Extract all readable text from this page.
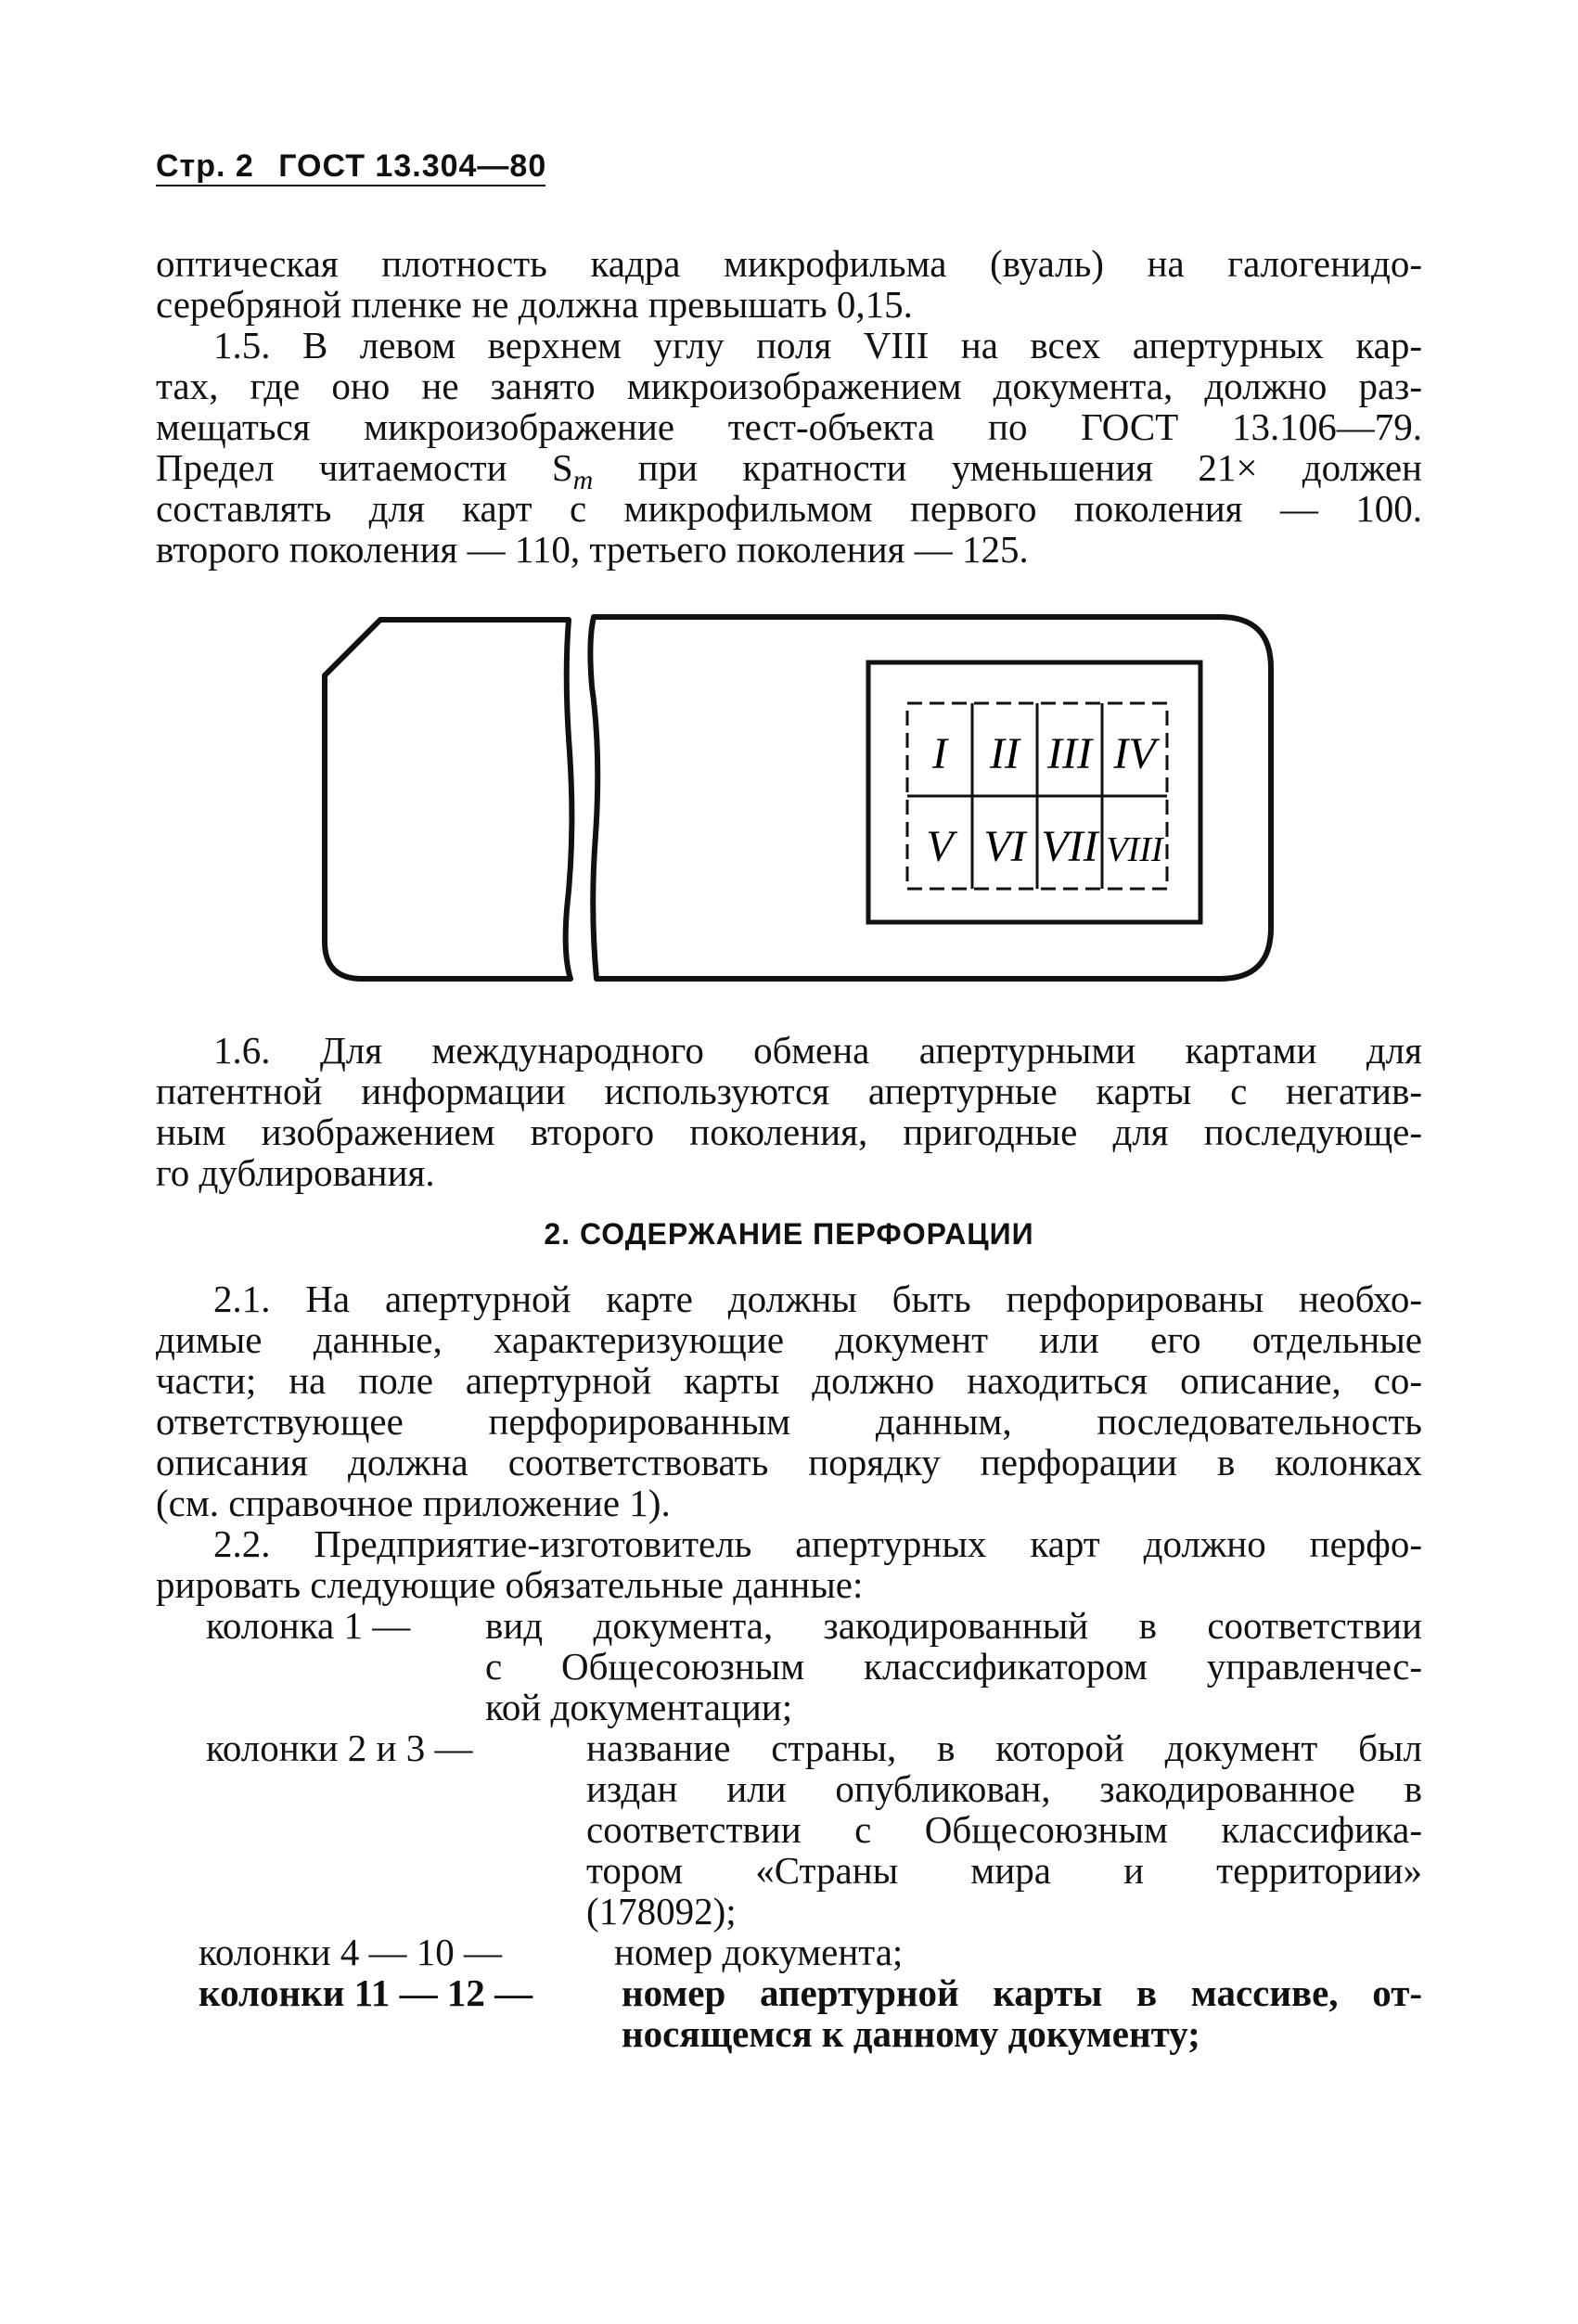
Стр. 2 ГОСТ 13.304—80
оптическая плотность кадра микрофильма (вуаль) на галогенидо-
серебряной пленке не должна превышать 0,15.
1.5. В левом верхнем углу поля VIII на всех апертурных кар-
тах, где оно не занято микроизображением документа, должно раз-
мещаться микроизображение тест-объекта по ГОСТ 13.106—79.
Предел читаемости $S_m$ при кратности уменьшения 21× должен
составлять для карт с микрофильмом первого поколения — 100.
второго поколения — 110, третьего поколения — 125.
I II III IV
V VI VII VIII
1.6. Для международного обмена апертурными картами для
патентной информации используются апертурные карты с негатив-
ным изображением второго поколения, пригодные для последующе-
го дублирования.
2. СОДЕРЖАНИЕ ПЕРФОРАЦИИ
2.1. На апертурной карте должны быть перфорированы необхо-
димые данные, характеризующие документ или его отдельные
части; на поле апертурной карты должно находиться описание, со-
ответствующее перфорированным данным, последовательность
описания должна соответствовать порядку перфорации в колонках
(см. справочное приложение 1).
2.2. Предприятие-изготовитель апертурных карт должно перфо-
рировать следующие обязательные данные:
колонка 1 — вид документа, закодированный в соответствии
с Общесоюзным классификатором управленчес-
кой документации;
колонки 2 и 3 —	название страны, в которой документ был
издан или опубликован, закодированное в
соответствии с Общесоюзным классифика-
тором «Страны мира и территории»
(178092);
колонки 4 — 10 —	номер документа;
колонки 11 — 12 — номер апертурной карты в массиве, от-
носящемся к данному документу;
